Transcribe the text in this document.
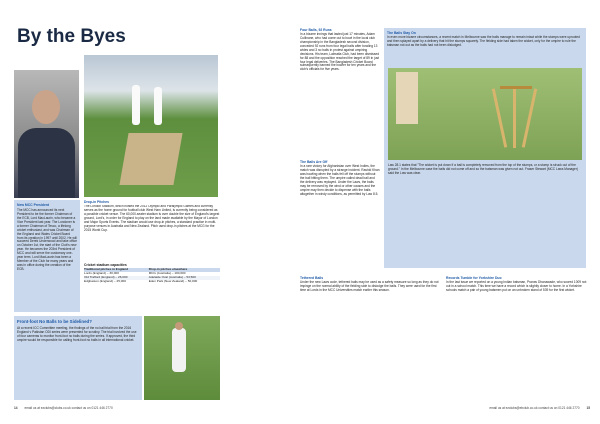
By the Byes
New MCC President
The MCC has announced its next President to be the former Chairman of the ECB, Lord MacLaurin, who became a Vice President last year. The Londoner is a former Chairman of Tesco, a lifelong cricket enthusiast, and was Chairman of the England and Wales Cricket Board from its creation in 1997 until 2002. He will succeed Derek Underwood and take office on October 1st, the start of the Club's new year. He becomes the 203rd President of MCC and will serve the customary one-year term. Lord MacLaurin has been a Member of the Club for many years and was in office during the creation of the ECB.
Drop-in Pitches
The London Stadium, which hosted the 2012 Olympic and Paralympic Games and currently serves as the home ground for football club West Ham United, is currently being considered as a possible cricket venue. The 60,000-seater stadium is over double the size of England's largest ground, Lord's, in order for England to play on the land made available by the Mayor of London and Major Sports Events. The stadium would use drop-in pitches, a standard practice in multi-purpose venues in Australia and New Zealand. Pitch used drop-in pitches at the MCG for the 2015 World Cup.
Cricket stadium capacities
Traditional pitches in England	Drop-in pitches elsewhere
Lords (England) – 30,000	MCG (Australia) – 100,000
Old Trafford (England) – 26,000	Adelaide Oval (Australia) – 53,500
Edgbaston (England) – 25,000	Eden Park (New Zealand) – 50,000
Front-foot No Balls to be Sidelined?
At a recent ICC Committee meeting, the findings of the no ball trial from the 2016 England v Pakistan ODI series were presented for scrutiny. The trial involved the use of four cameras to monitor front-foot no balls during the series. If approved, the third umpire would be responsible for calling front-foot no balls in all international cricket.
14 email us at ezclubs@clubs.co.uk contact us on 0121 446 2770
Four Balls, 92 Runs
In a bizarre innings that lasted just 17 minutes, Adam Cullinane, who had come out to bowl in the local club championship in the Bangladesh second division, conceded 92 runs from four legal balls after bowling 13 wides and 3 no balls in protest against umpiring decisions. His team, Lalmatia Club, had been dismissed for 88 and the opposition reached the target of 89 in just four legal deliveries. The Bangladesh Cricket Board subsequently banned the bowler for ten years and the club's officials for five years.
The Bails Are Off
In a rare victory for Afghanistan over West Indies, the match was disrupted by a strange incident. Rashid Khan was bowling when the bails fell off the stumps without the ball hitting them. The umpire called dead ball and the delivery was replayed. Under the Laws, the bails may be removed by the wind or other causes and the umpire may then decide to dispense with the bails altogether in windy conditions, as permitted by Law 8.5.
The Bails Stay On
In even more bizarre circumstances, a recent match in Melbourne saw the bails manage to remain intact while the stumps were uprooted and then splayed apart by a delivery that hit the stumps squarely. The fielding side had taken the wicket, only for the umpire to rule the batsman not out as the bails had not been dislodged.
Law 28.1 states that "The wicket is put down if a bail is completely removed from the top of the stumps, or a stump is struck out of the ground." In the Melbourne case the bails did not come off and so the batsman was given not out. Fraser Stewart (MCC Laws Manager) said the Law was clear.
Tethered Bails
Under the new Laws code, tethered bails may be used as a safety measure so long as they do not impinge on the normal ability of the fielding side to dislodge the bails. They were used for the first time at Lords in the MCC Universities match earlier this season.
Records Tumble for Yorkshire Duo
In the last issue we reported on a young Indian batsman, Pranav Dhanawade, who scored 1009 not out in a school match. This time we have a record which is slightly closer to home. In a Yorkshire schools match a pair of young batsmen put on an unbroken stand of 539 for the first wicket.
email us at ezclubs@ebclub.co.uk contact us on 0121 446 2770 15
